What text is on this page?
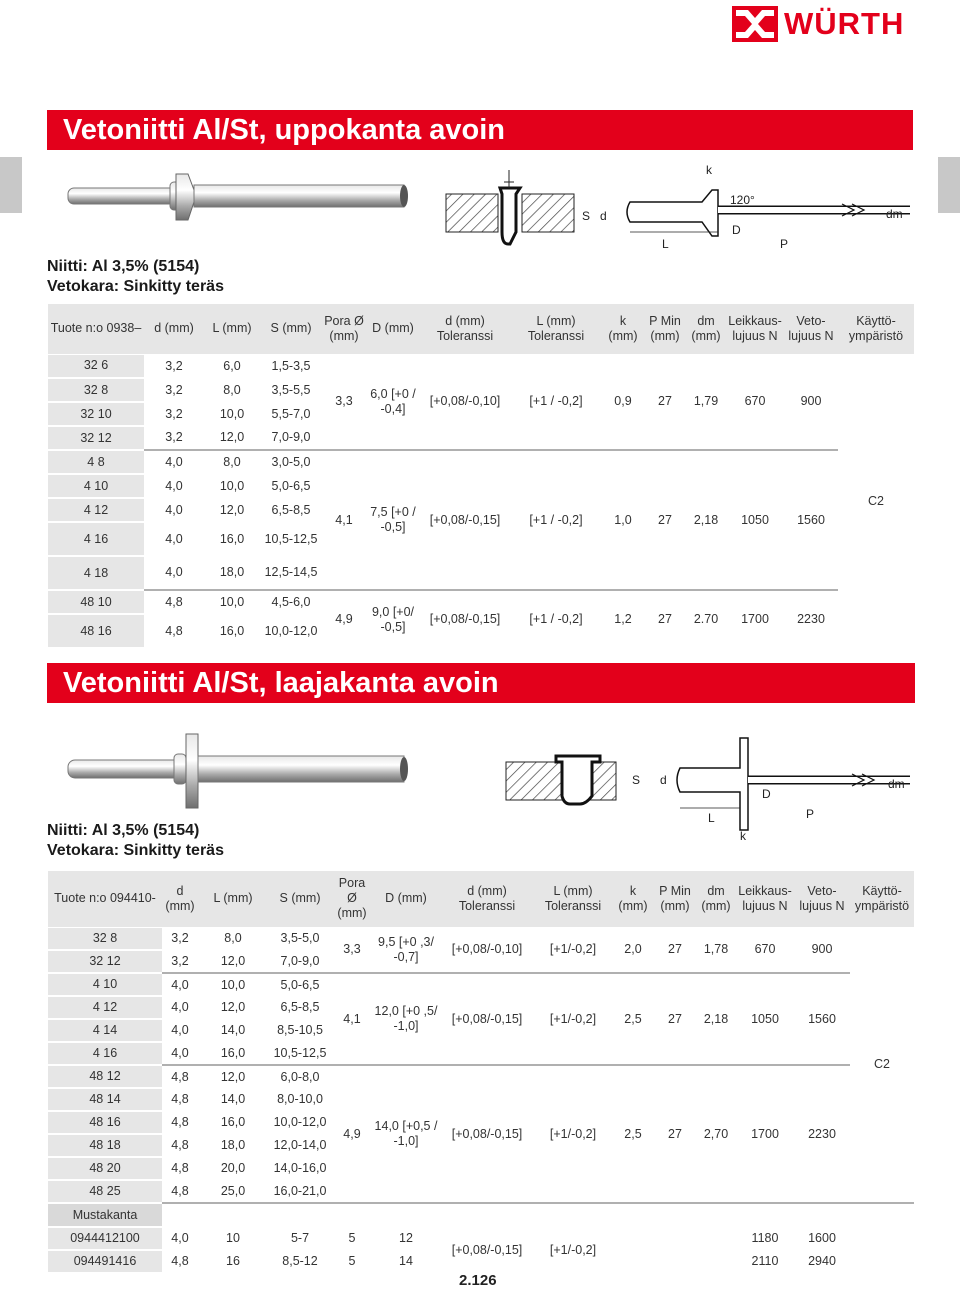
WÜRTH
Vetoniitti Al/St, uppokanta avoin
S d
k
120°
L
D
P
dm
Niitti: Al 3,5% (5154)
Vetokara: Sinkitty teräs
Tuote n:o 0938–	d (mm)	L (mm)	S (mm)	Pora Ø (mm)	D (mm)	d (mm) Toleranssi	L (mm) Toleranssi	k (mm)	P Min (mm)	dm (mm)	Leikkaus-lujuus N	Veto-lujuus N	Käyttö-ympäristö
32 6	3,2	6,0	1,5-3,5	3,3	6,0 [+0 / -0,4]	[+0,08/-0,10]	[+1 / -0,2]	0,9	27	1,79	670	900	C2
32 8	3,2	8,0	3,5-5,5										
32 10	3,2	10,0	5,5-7,0										
32 12	3,2	12,0	7,0-9,0										
4 8	4,0	8,0	3,0-5,0	4,1	7,5 [+0 / -0,5]	[+0,08/-0,15]	[+1 / -0,2]	1,0	27	2,18	1050	1560	
4 10	4,0	10,0	5,0-6,5										
4 12	4,0	12,0	6,5-8,5										
4 16	4,0	16,0	10,5-12,5										
4 18	4,0	18,0	12,5-14,5										
48 10	4,8	10,0	4,5-6,0	4,9	9,0 [+0/ -0,5]	[+0,08/-0,15]	[+1 / -0,2]	1,2	27	2.70	1700	2230	
48 16	4,8	16,0	10,0-12,0										
Vetoniitti Al/St, laajakanta avoin
S d
D
dm
L	P
k
Niitti: Al 3,5% (5154)
Vetokara: Sinkitty teräs
Tuote n:o 094410-	d (mm)	L (mm)	S (mm)	Pora Ø (mm)	D (mm)	d (mm) Toleranssi	L (mm) Toleranssi	k (mm)	P Min (mm)	dm (mm)	Leikkaus-lujuus N	Veto-lujuus N	Käyttö-ympäristö
32 8	3,2	8,0	3,5-5,0	3,3	9,5 [+0 ,3/ -0,7]	[+0,08/-0,10]	[+1/-0,2]	2,0	27	1,78	670	900	C2
32 12	3,2	12,0	7,0-9,0										
4 10	4,0	10,0	5,0-6,5	4,1	12,0 [+0 ,5/ -1,0]	[+0,08/-0,15]	[+1/-0,2]	2,5	27	2,18	1050	1560	
4 12	4,0	12,0	6,5-8,5										
4 14	4,0	14,0	8,5-10,5										
4 16	4,0	16,0	10,5-12,5										
48 12	4,8	12,0	6,0-8,0	4,9	14,0 [+0,5 / -1,0]	[+0,08/-0,15]	[+1/-0,2]	2,5	27	2,70	1700	2230	
48 14	4,8	14,0	8,0-10,0										
48 16	4,8	16,0	10,0-12,0										
48 18	4,8	18,0	12,0-14,0										
48 20	4,8	20,0	14,0-16,0										
48 25	4,8	25,0	16,0-21,0										
Mustakanta													
0944412100	4,0	10	5-7	5	12	[+0,08/-0,15]	[+1/-0,2]				1180	1600	
094491416	4,8	16	8,5-12	5	14						2110	2940	
2.126
